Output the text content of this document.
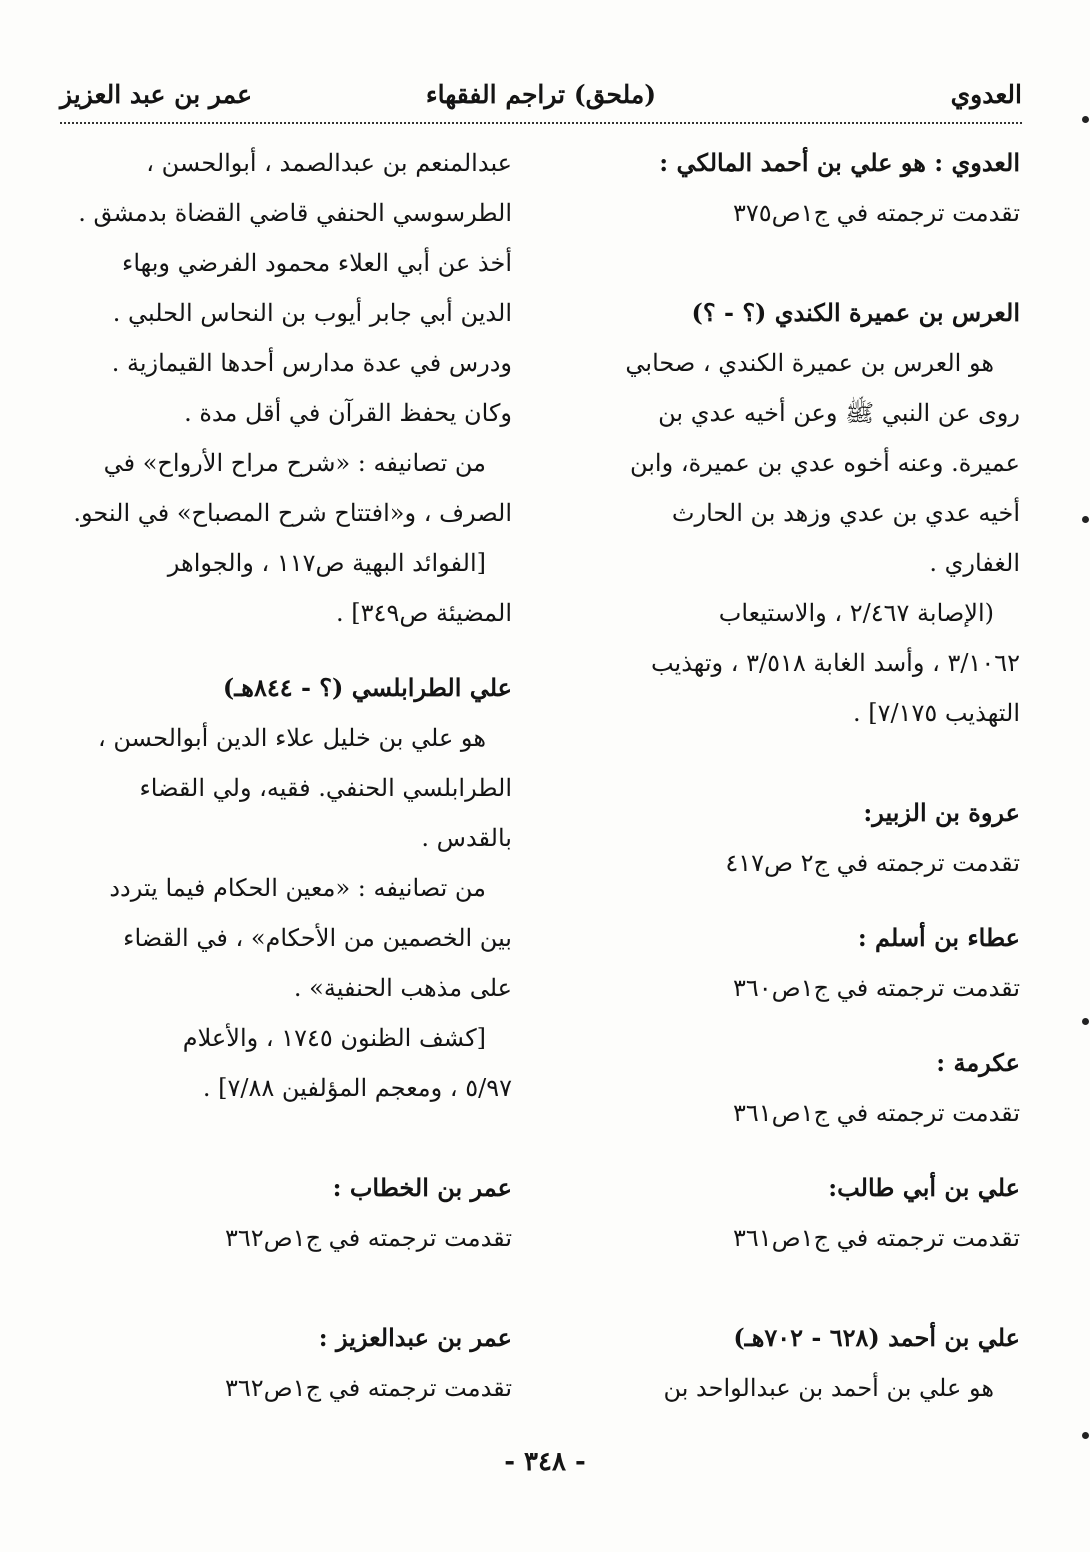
العدوي
(ملحق) تراجم الفقهاء
عمر بن عبد العزيز

العدوي : هو علي بن أحمد المالكي :

تقدمت ترجمته في ج١ص٣٧٥

العرس بن عميرة الكندي (؟ - ؟)

هو العرس بن عميرة الكندي ، صحابي

روى عن النبي ﷺ وعن أخيه عدي بن

عميرة. وعنه أخوه عدي بن عميرة، وابن

أخيه عدي بن عدي وزهد بن الحارث

الغفاري .

(الإصابة ٢/٤٦٧ ، والاستيعاب

٣/١٠٦٢ ، وأسد الغابة ٣/٥١٨ ، وتهذيب

التهذيب ٧/١٧٥] .

عروة بن الزبير:

تقدمت ترجمته في ج٢ ص٤١٧

عطاء بن أسلم :

تقدمت ترجمته في ج١ص٣٦٠

عكرمة :

تقدمت ترجمته في ج١ص٣٦١

علي بن أبي طالب:

تقدمت ترجمته في ج١ص٣٦١

علي بن أحمد (٦٢٨ - ٧٠٢هـ)

هو علي بن أحمد بن عبدالواحد بن

عبدالمنعم بن عبدالصمد ، أبوالحسن ،

الطرسوسي الحنفي قاضي القضاة بدمشق .

أخذ عن أبي العلاء محمود الفرضي وبهاء

الدين أبي جابر أيوب بن النحاس الحلبي .

ودرس في عدة مدارس أحدها القيمازية .

وكان يحفظ القرآن في أقل مدة .

من تصانيفه : «شرح مراح الأرواح» في

الصرف ، و«افتتاح شرح المصباح» في النحو.

[الفوائد البهية ص١١٧ ، والجواهر

المضيئة ص٣٤٩] .

علي الطرابلسي (؟ - ٨٤٤هـ)

هو علي بن خليل علاء الدين أبوالحسن ،

الطرابلسي الحنفي. فقيه، ولي القضاء

بالقدس .

من تصانيفه : «معين الحكام فيما يتردد

بين الخصمين من الأحكام» ، في القضاء

على مذهب الحنفية» .

[كشف الظنون ١٧٤٥ ، والأعلام

٥/٩٧ ، ومعجم المؤلفين ٧/٨٨] .

عمر بن الخطاب :

تقدمت ترجمته في ج١ص٣٦٢

عمر بن عبدالعزيز :

تقدمت ترجمته في ج١ص٣٦٢

- ٣٤٨ -
